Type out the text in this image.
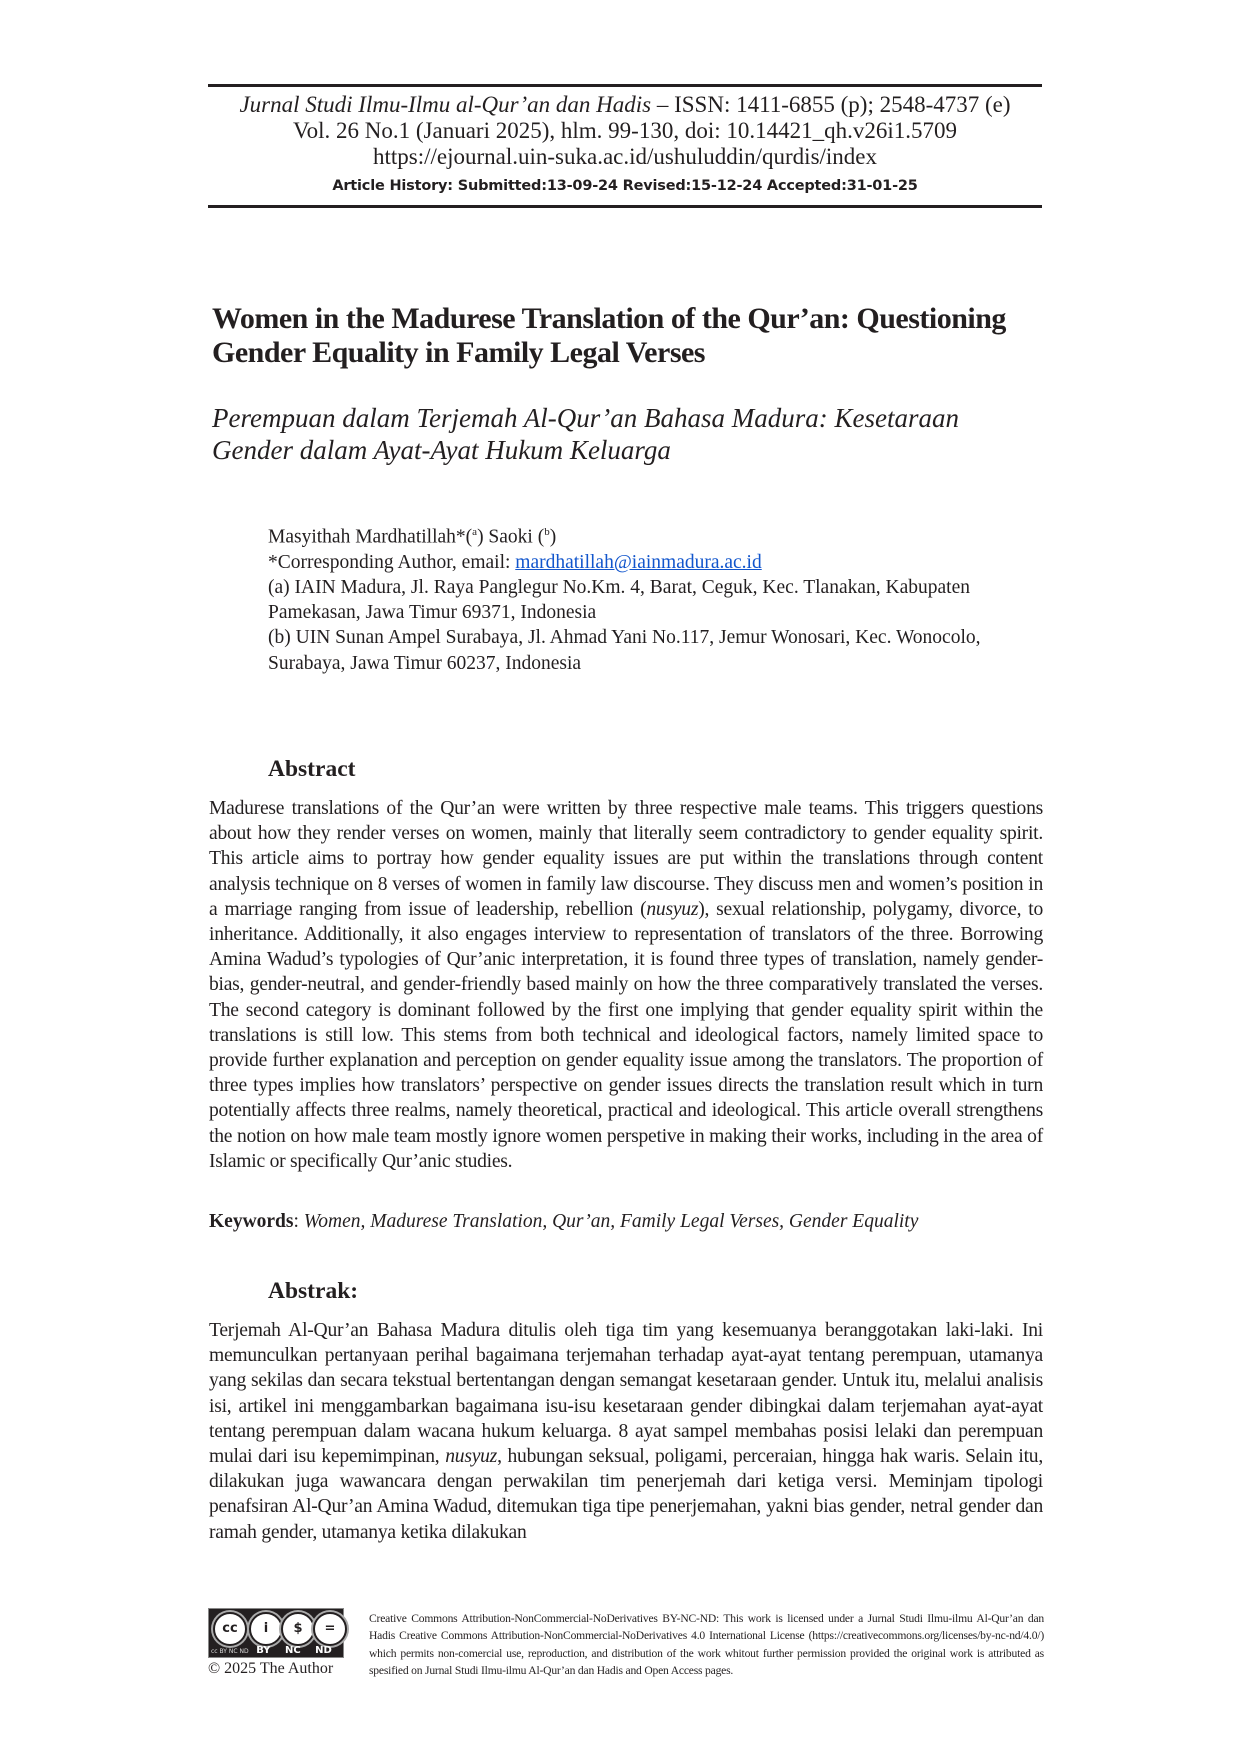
Jurnal Studi Ilmu-Ilmu al-Qur’an dan Hadis – ISSN: 1411-6855 (p); 2548-4737 (e)
Vol. 26 No.1 (Januari 2025), hlm. 99-130, doi: 10.14421_qh.v26i1.5709
https://ejournal.uin-suka.ac.id/ushuluddin/qurdis/index
Article History: Submitted:13-09-24 Revised:15-12-24 Accepted:31-01-25
Women in the Madurese Translation of the Qur’an: Questioning Gender Equality in Family Legal Verses
Perempuan dalam Terjemah Al-Qur’an Bahasa Madura: Kesetaraan Gender dalam Ayat-Ayat Hukum Keluarga
Masyithah Mardhatillah*($^a$) Saoki ($^b$)
*Corresponding Author, email: mardhatillah@iainmadura.ac.id
(a) IAIN Madura, Jl. Raya Panglegur No.Km. 4, Barat, Ceguk, Kec. Tlanakan, Kabupaten Pamekasan, Jawa Timur 69371, Indonesia
(b) UIN Sunan Ampel Surabaya, Jl. Ahmad Yani No.117, Jemur Wonosari, Kec. Wonocolo, Surabaya, Jawa Timur 60237, Indonesia
Abstract
Madurese translations of the Qur’an were written by three respective male teams. This triggers questions about how they render verses on women, mainly that literally seem contradictory to gender equality spirit. This article aims to portray how gender equality issues are put within the translations through content analysis technique on 8 verses of women in family law discourse. They discuss men and women’s position in a marriage ranging from issue of leadership, rebellion (nusyuz), sexual relationship, polygamy, divorce, to inheritance. Additionally, it also engages interview to representation of translators of the three. Borrowing Amina Wadud’s typologies of Qur’anic interpretation, it is found three types of translation, namely gender-bias, gender-neutral, and gender-friendly based mainly on how the three comparatively translated the verses. The second category is dominant followed by the first one implying that gender equality spirit within the translations is still low. This stems from both technical and ideological factors, namely limited space to provide further explanation and perception on gender equality issue among the translators. The proportion of three types implies how translators’ perspective on gender issues directs the translation result which in turn potentially affects three realms, namely theoretical, practical and ideological. This article overall strengthens the notion on how male team mostly ignore women perspetive in making their works, including in the area of Islamic or specifically Qur’anic studies.
Keywords: Women, Madurese Translation, Qur’an, Family Legal Verses, Gender Equality
Abstrak:
Terjemah Al-Qur’an Bahasa Madura ditulis oleh tiga tim yang kesemuanya beranggotakan laki-laki. Ini memunculkan pertanyaan perihal bagaimana terjemahan terhadap ayat-ayat tentang perempuan, utamanya yang sekilas dan secara tekstual bertentangan dengan semangat kesetaraan gender. Untuk itu, melalui analisis isi, artikel ini menggambarkan bagaimana isu-isu kesetaraan gender dibingkai dalam terjemahan ayat-ayat tentang perempuan dalam wacana hukum keluarga. 8 ayat sampel membahas posisi lelaki dan perempuan mulai dari isu kepemimpinan, nusyuz, hubungan seksual, poligami, perceraian, hingga hak waris. Selain itu, dilakukan juga wawancara dengan perwakilan tim penerjemah dari ketiga versi. Meminjam tipologi penafsiran Al-Qur’an Amina Wadud, ditemukan tiga tipe penerjemahan, yakni bias gender, netral gender dan ramah gender, utamanya ketika dilakukan
cc	i	$	=
cc BY NC ND BY NC ND
© 2025 The Author
Creative Commons Attribution-NonCommercial-NoDerivatives BY-NC-ND: This work is licensed under a Jurnal Studi Ilmu-ilmu Al-Qur’an dan Hadis Creative Commons Attribution-NonCommercial-NoDerivatives 4.0 International License (https://creativecommons.org/licenses/by-nc-nd/4.0/) which permits non-comercial use, reproduction, and distribution of the work whitout further permission provided the original work is attributed as spesified on Jurnal Studi Ilmu-ilmu Al-Qur’an dan Hadis and Open Access pages.
